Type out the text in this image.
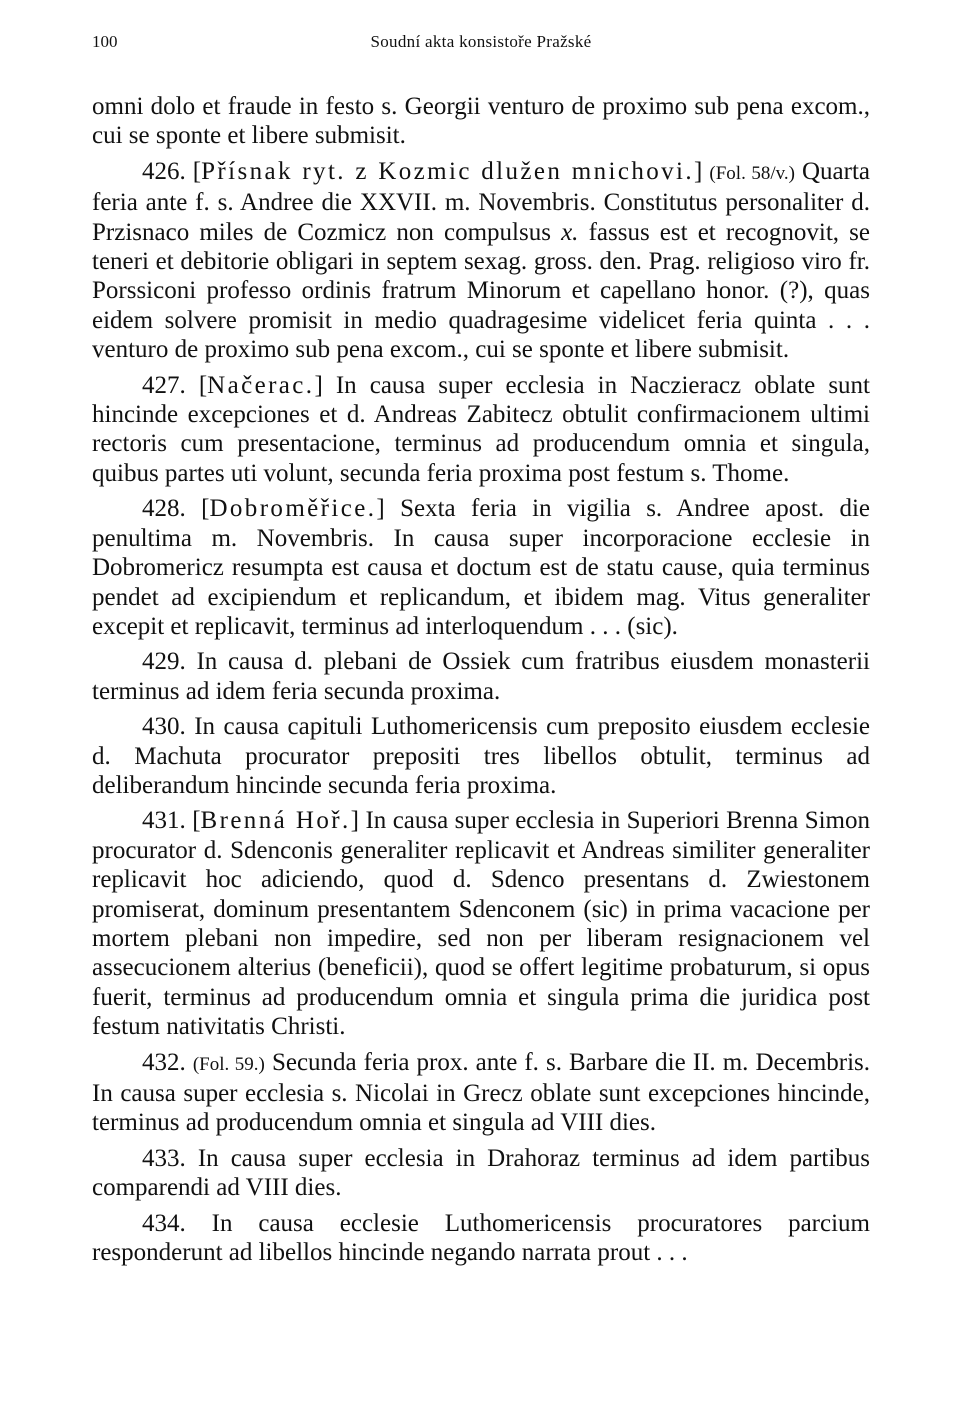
100	Soudní akta konsistoře Pražské

omni dolo et fraude in festo s. Georgii venturo de proximo sub pena excom., cui se sponte et libere submisit.

426. [Přísnak ryt. z Kozmic dlužen mnichovi.] (Fol. 58/v.) Quarta feria ante f. s. Andree die XXVII. m. Novembris. Constitutus personaliter d. Przisnaco miles de Cozmicz non compulsus x. fassus est et recognovit, se teneri et debitorie obligari in septem sexag. gross. den. Prag. religioso viro fr. Porssiconi professo ordinis fratrum Minorum et capellano honor. (?), quas eidem solvere promisit in medio quadragesime videlicet feria quinta . . . venturo de proximo sub pena excom., cui se sponte et libere submisit.

427. [Načerac.] In causa super ecclesia in Naczieracz oblate sunt hincinde excepciones et d. Andreas Zabitecz obtulit confirmacionem ultimi rectoris cum presentacione, terminus ad producendum omnia et singula, quibus partes uti volunt, secunda feria proxima post festum s. Thome.

428. [Dobroměřice.] Sexta feria in vigilia s. Andree apost. die penultima m. Novembris. In causa super incorporacione ecclesie in Dobromericz resumpta est causa et doctum est de statu cause, quia terminus pendet ad excipiendum et replicandum, et ibidem mag. Vitus generaliter excepit et replicavit, terminus ad interloquendum . . . (sic).

429. In causa d. plebani de Ossiek cum fratribus eiusdem monasterii terminus ad idem feria secunda proxima.

430. In causa capituli Luthomericensis cum preposito eiusdem ecclesie d. Machuta procurator prepositi tres libellos obtulit, terminus ad deliberandum hincinde secunda feria proxima.

431. [Brenná Hoř.] In causa super ecclesia in Superiori Brenna Simon procurator d. Sdenconis generaliter replicavit et Andreas similiter generaliter replicavit hoc adiciendo, quod d. Sdenco presentans d. Zwiestonem promiserat, dominum presentantem Sdenconem (sic) in prima vacacione per mortem plebani non impedire, sed non per liberam resignacionem vel assecucionem alterius (beneficii), quod se offert legitime probaturum, si opus fuerit, terminus ad producendum omnia et singula prima die juridica post festum nativitatis Christi.

432. (Fol. 59.) Secunda feria prox. ante f. s. Barbare die II. m. Decembris. In causa super ecclesia s. Nicolai in Grecz oblate sunt excepciones hincinde, terminus ad producendum omnia et singula ad VIII dies.

433. In causa super ecclesia in Drahoraz terminus ad idem partibus comparendi ad VIII dies.

434. In causa ecclesie Luthomericensis procuratores parcium responderunt ad libellos hincinde negando narrata prout . . .
